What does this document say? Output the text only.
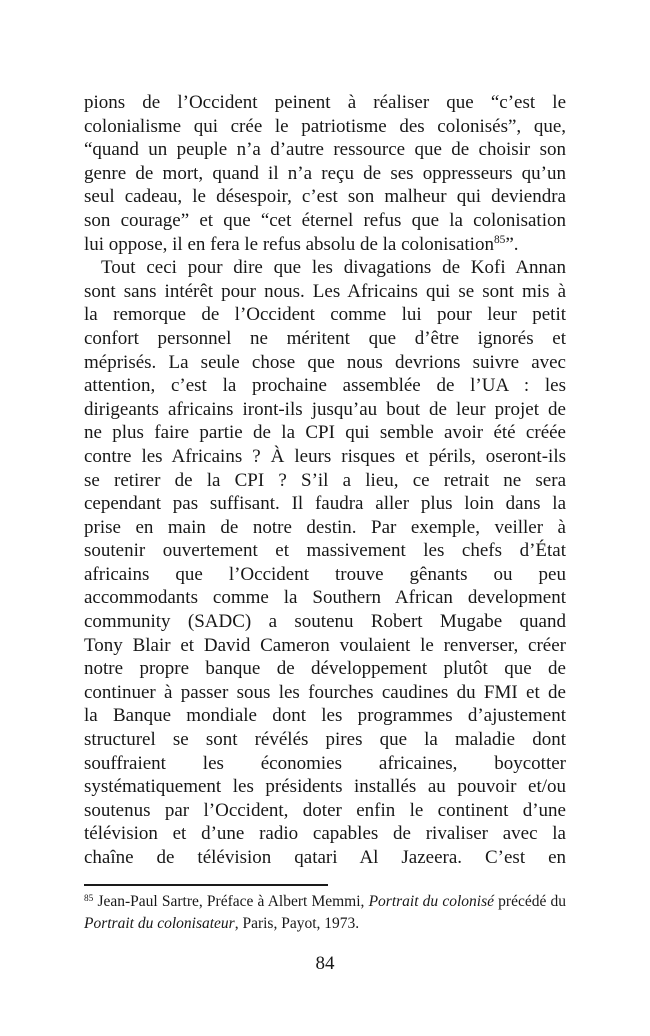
pions de l’Occident peinent à réaliser que “c’est le
colonialisme qui crée le patriotisme des colonisés”, que,
“quand un peuple n’a d’autre ressource que de choisir son
genre de mort, quand il n’a reçu de ses oppresseurs qu’un
seul cadeau, le désespoir, c’est son malheur qui deviendra
son courage” et que “cet éternel refus que la colonisation
lui oppose, il en fera le refus absolu de la colonisation$^{85}$”.
Tout ceci pour dire que les divagations de Kofi Annan
sont sans intérêt pour nous. Les Africains qui se sont mis à
la remorque de l’Occident comme lui pour leur petit
confort personnel ne méritent que d’être ignorés et
méprisés. La seule chose que nous devrions suivre avec
attention, c’est la prochaine assemblée de l’UA : les
dirigeants africains iront-ils jusqu’au bout de leur projet de
ne plus faire partie de la CPI qui semble avoir été créée
contre les Africains ? À leurs risques et périls, oseront-ils
se retirer de la CPI ? S’il a lieu, ce retrait ne sera
cependant pas suffisant. Il faudra aller plus loin dans la
prise en main de notre destin. Par exemple, veiller à
soutenir ouvertement et massivement les chefs d’État
africains que l’Occident trouve gênants ou peu
accommodants comme la Southern African development
community (SADC) a soutenu Robert Mugabe quand
Tony Blair et David Cameron voulaient le renverser, créer
notre propre banque de développement plutôt que de
continuer à passer sous les fourches caudines du FMI et de
la Banque mondiale dont les programmes d’ajustement
structurel se sont révélés pires que la maladie dont
souffraient les économies africaines, boycotter
systématiquement les présidents installés au pouvoir et/ou
soutenus par l’Occident, doter enfin le continent d’une
télévision et d’une radio capables de rivaliser avec la
chaîne de télévision qatari Al Jazeera. C’est en
$^{85}$ Jean-Paul Sartre, Préface à Albert Memmi, Portrait du colonisé précédé du
Portrait du colonisateur, Paris, Payot, 1973.
84
